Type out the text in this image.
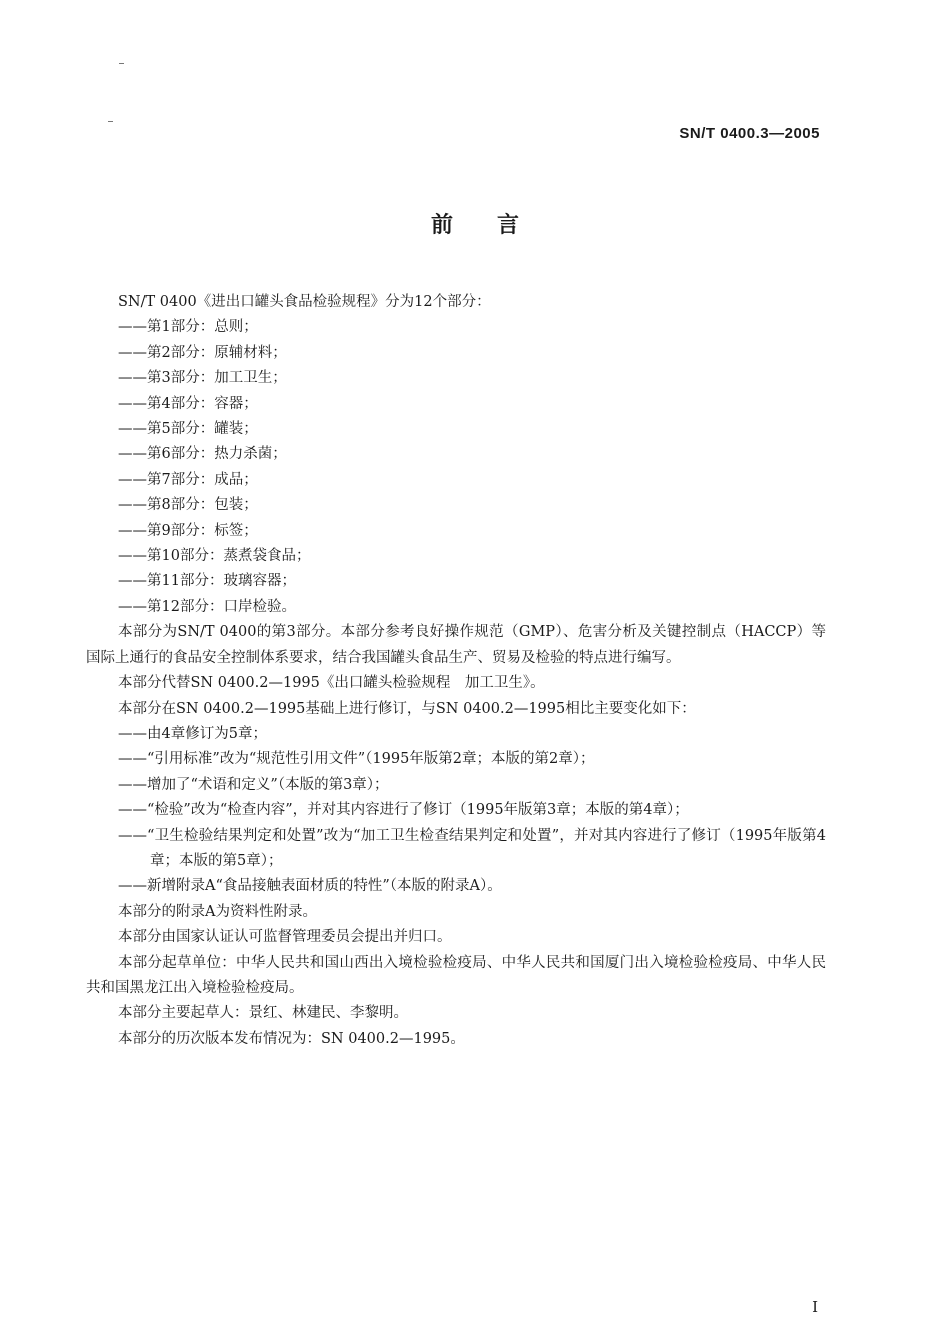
SN/T 0400.3—2005
前言

SN/T 0400《进出口罐头食品检验规程》分为12个部分：

——第1部分：总则；

——第2部分：原辅材料；

——第3部分：加工卫生；

——第4部分：容器；

——第5部分：罐装；

——第6部分：热力杀菌；

——第7部分：成品；

——第8部分：包装；

——第9部分：标签；

——第10部分：蒸煮袋食品；

——第11部分：玻璃容器；

——第12部分：口岸检验。

本部分为SN/T 0400的第3部分。本部分参考良好操作规范（GMP）、危害分析及关键控制点（HACCP）等国际上通行的食品安全控制体系要求，结合我国罐头食品生产、贸易及检验的特点进行编写。

本部分代替SN 0400.2—1995《出口罐头检验规程　加工卫生》。

本部分在SN 0400.2—1995基础上进行修订，与SN 0400.2—1995相比主要变化如下：

——由4章修订为5章；

——“引用标准”改为“规范性引用文件”（1995年版第2章；本版的第2章）；

——增加了“术语和定义”（本版的第3章）；

——“检验”改为“检查内容”，并对其内容进行了修订（1995年版第3章；本版的第4章）；

——“卫生检验结果判定和处置”改为“加工卫生检查结果判定和处置”，并对其内容进行了修订（1995年版第4章；本版的第5章）；

——新增附录A“食品接触表面材质的特性”（本版的附录A）。

本部分的附录A为资料性附录。

本部分由国家认证认可监督管理委员会提出并归口。

本部分起草单位：中华人民共和国山西出入境检验检疫局、中华人民共和国厦门出入境检验检疫局、中华人民共和国黑龙江出入境检验检疫局。

本部分主要起草人：景红、林建民、李黎明。

本部分的历次版本发布情况为：SN 0400.2—1995。

I
